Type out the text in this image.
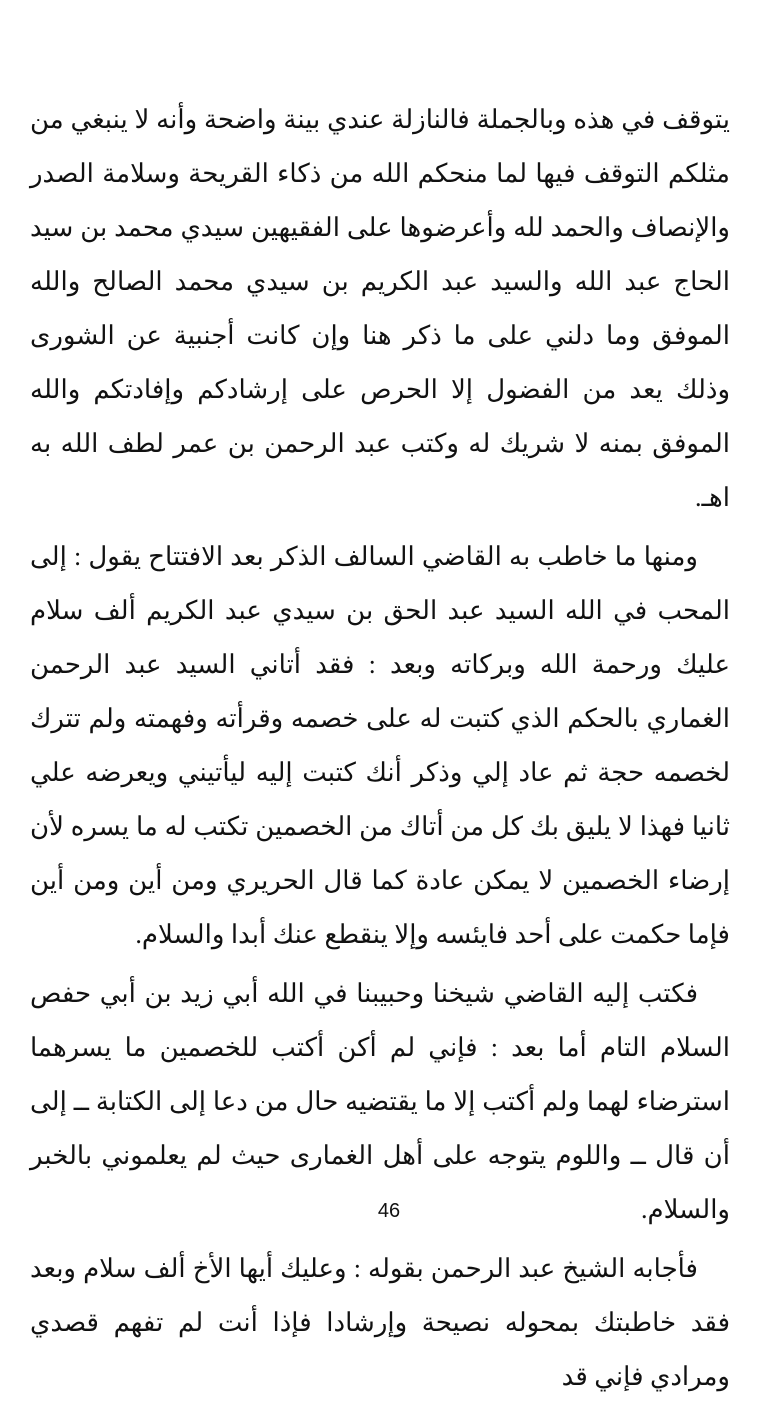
يتوقف في هذه وبالجملة فالنازلة عندي بينة واضحة وأنه لا ينبغي من مثلكم التوقف فيها لما منحكم الله من ذكاء القريحة وسلامة الصدر والإنصاف والحمد لله وأعرضوها على الفقيهين سيدي محمد بن سيد الحاج عبد الله والسيد عبد الكريم بن سيدي محمد الصالح والله الموفق وما دلني على ما ذكر هنا وإن كانت أجنبية عن الشورى وذلك يعد من الفضول إلا الحرص على إرشادكم وإفادتكم والله الموفق بمنه لا شريك له وكتب عبد الرحمن بن عمر لطف الله به اهـ.

ومنها ما خاطب به القاضي السالف الذكر بعد الافتتاح يقول : إلى المحب في الله السيد عبد الحق بن سيدي عبد الكريم ألف سلام عليك ورحمة الله وبركاته وبعد : فقد أتاني السيد عبد الرحمن الغماري بالحكم الذي كتبت له على خصمه وقرأته وفهمته ولم تترك لخصمه حجة ثم عاد إلي وذكر أنك كتبت إليه ليأتيني ويعرضه علي ثانيا فهذا لا يليق بك كل من أتاك من الخصمين تكتب له ما يسره لأن إرضاء الخصمين لا يمكن عادة كما قال الحريري ومن أين ومن أين فإما حكمت على أحد فايئسه وإلا ينقطع عنك أبدا والسلام.

فكتب إليه القاضي شيخنا وحبيبنا في الله أبي زيد بن أبي حفص السلام التام أما بعد : فإني لم أكن أكتب للخصمين ما يسرهما استرضاء لهما ولم أكتب إلا ما يقتضيه حال من دعا إلى الكتابة ــ إلى أن قال ــ واللوم يتوجه على أهل الغمارى حيث لم يعلموني بالخبر والسلام.

فأجابه الشيخ عبد الرحمن بقوله : وعليك أيها الأخ ألف سلام وبعد فقد خاطبتك بمحوله نصيحة وإرشادا فإذا أنت لم تفهم قصدي ومرادي فإني قد

46
